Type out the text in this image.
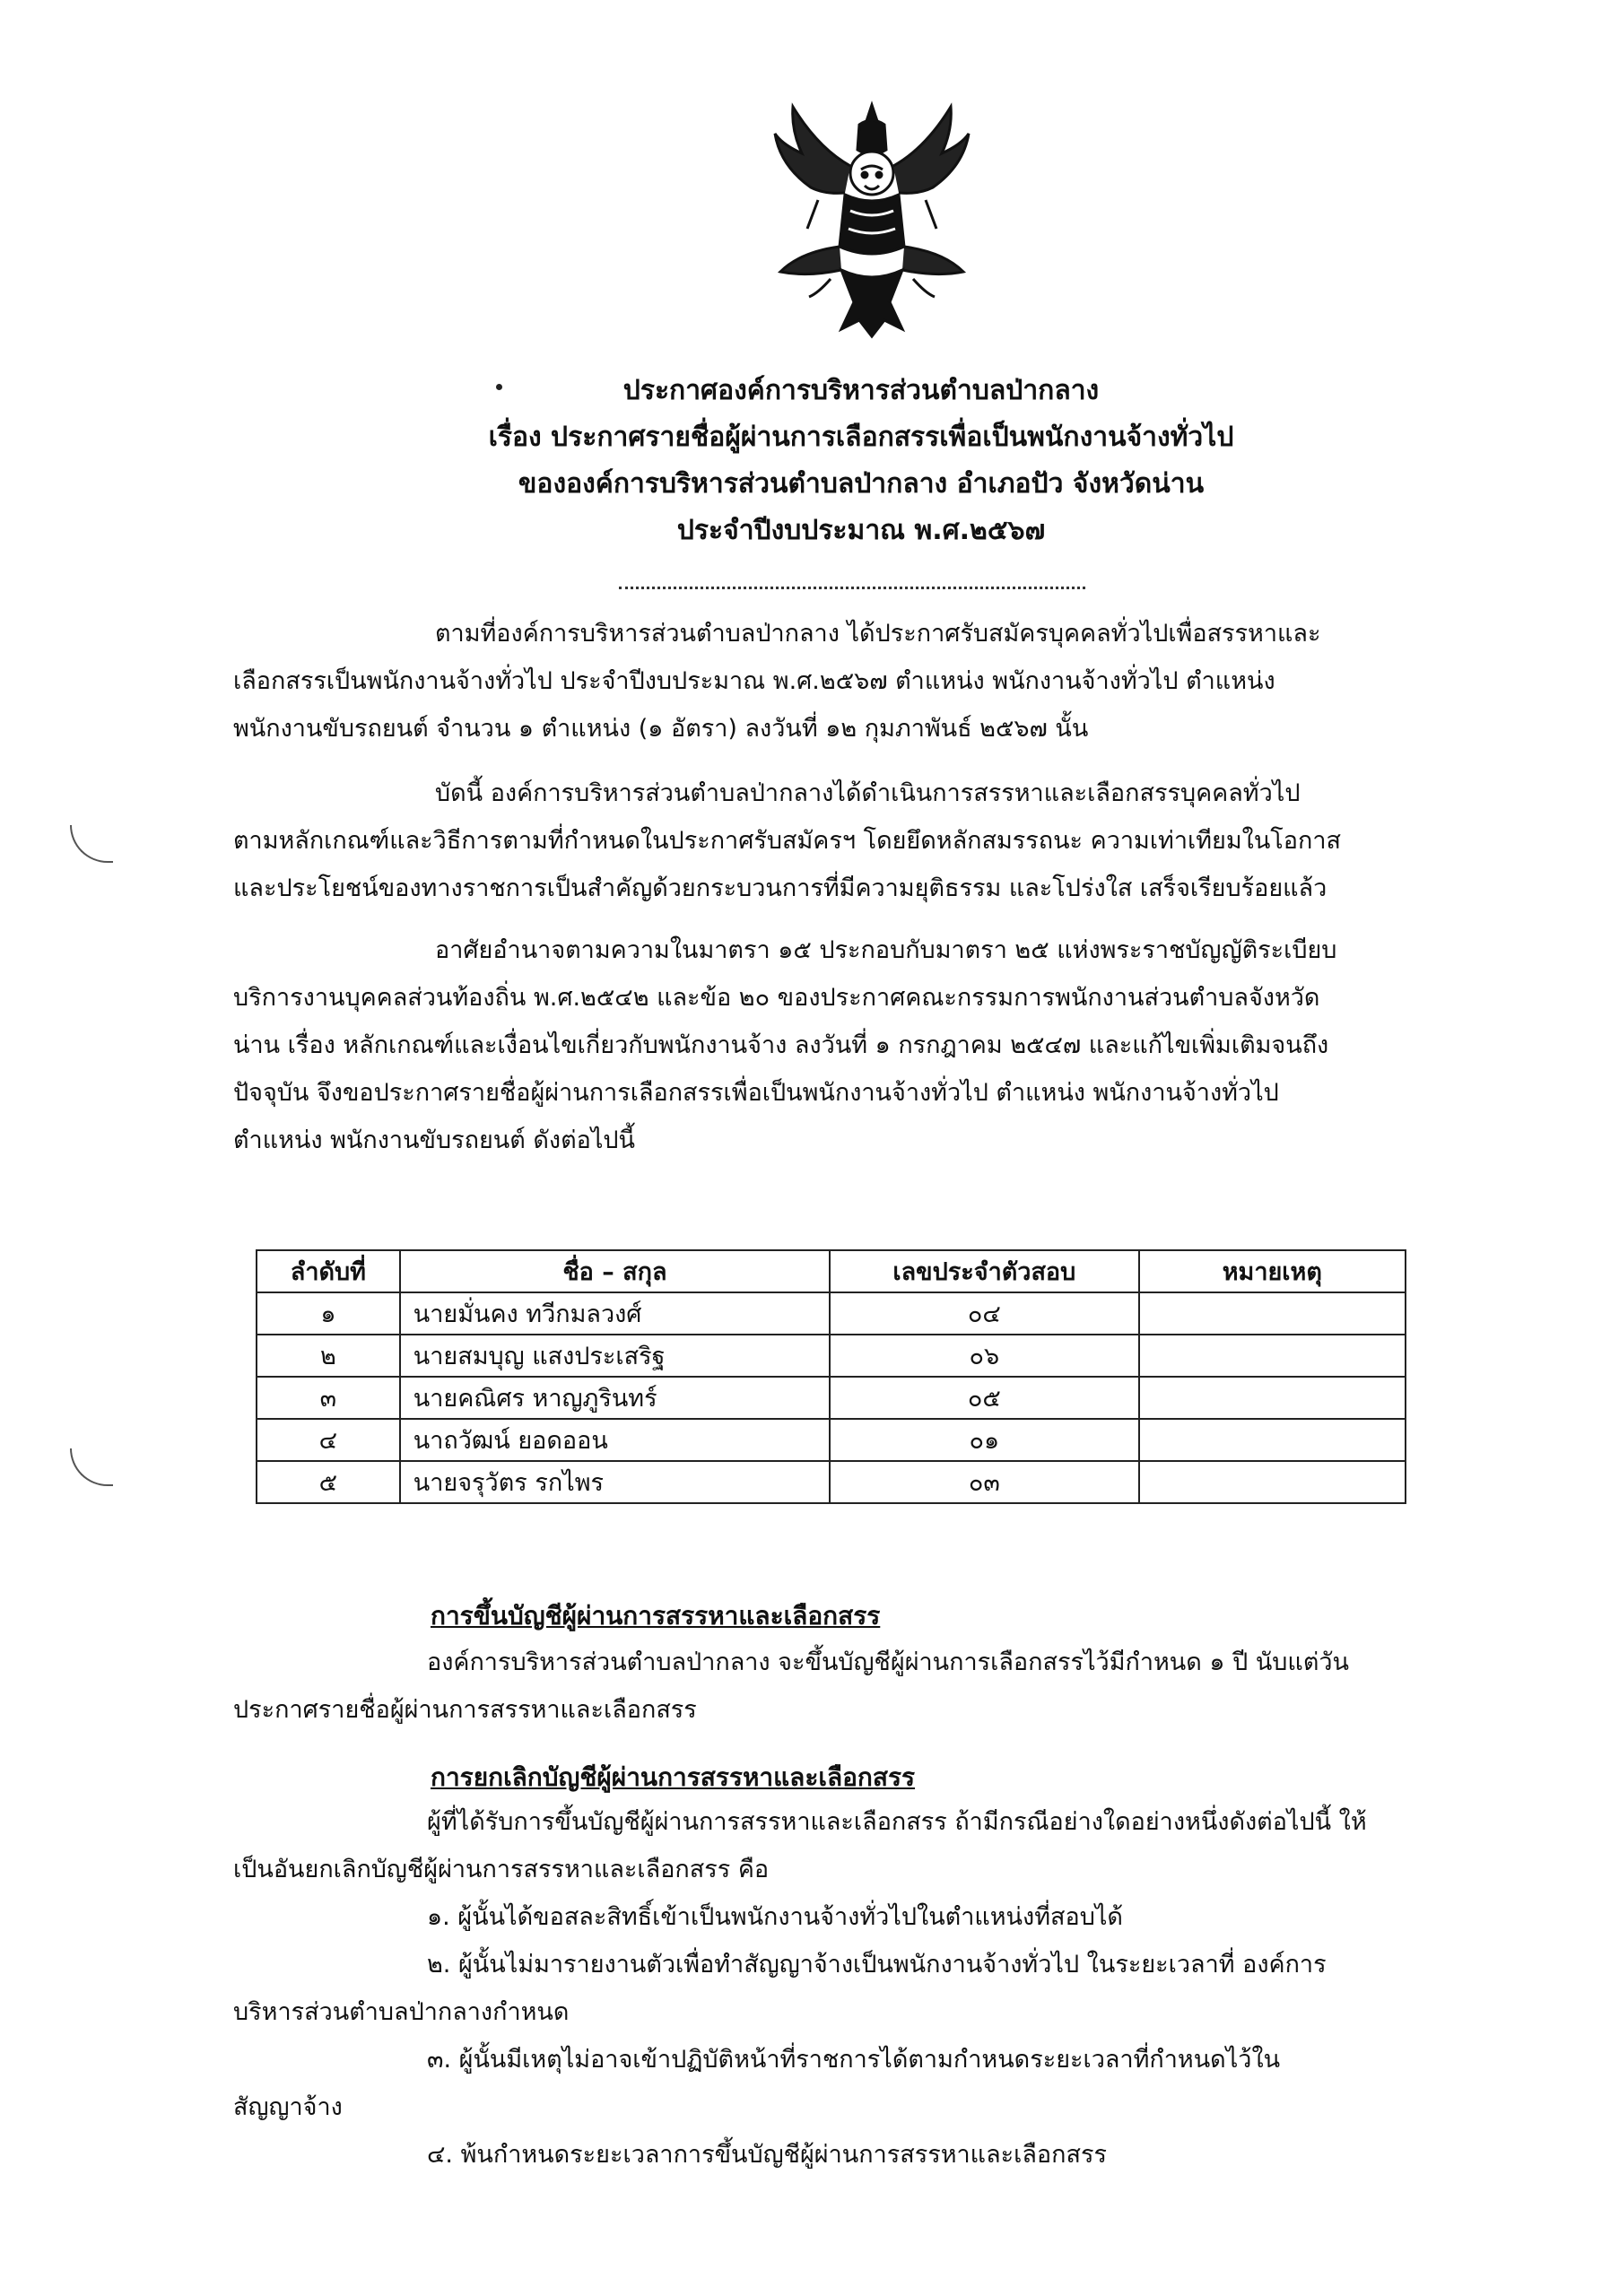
ประกาศองค์การบริหารส่วนตำบลป่ากลาง
เรื่อง ประกาศรายชื่อผู้ผ่านการเลือกสรรเพื่อเป็นพนักงานจ้างทั่วไป
ขององค์การบริหารส่วนตำบลป่ากลาง อำเภอปัว จังหวัดน่าน
ประจำปีงบประมาณ พ.ศ.๒๕๖๗
ตามที่องค์การบริหารส่วนตำบลป่ากลาง ได้ประกาศรับสมัครบุคคลทั่วไปเพื่อสรรหาและ
เลือกสรรเป็นพนักงานจ้างทั่วไป ประจำปีงบประมาณ พ.ศ.๒๕๖๗ ตำแหน่ง พนักงานจ้างทั่วไป ตำแหน่ง
พนักงานขับรถยนต์ จำนวน ๑ ตำแหน่ง (๑ อัตรา) ลงวันที่ ๑๒ กุมภาพันธ์ ๒๕๖๗ นั้น
บัดนี้ องค์การบริหารส่วนตำบลป่ากลางได้ดำเนินการสรรหาและเลือกสรรบุคคลทั่วไป
ตามหลักเกณฑ์และวิธีการตามที่กำหนดในประกาศรับสมัครฯ โดยยึดหลักสมรรถนะ ความเท่าเทียมในโอกาส
และประโยชน์ของทางราชการเป็นสำคัญด้วยกระบวนการที่มีความยุติธรรม และโปร่งใส เสร็จเรียบร้อยแล้ว
อาศัยอำนาจตามความในมาตรา ๑๕ ประกอบกับมาตรา ๒๕ แห่งพระราชบัญญัติระเบียบ
บริการงานบุคคลส่วนท้องถิ่น พ.ศ.๒๕๔๒ และข้อ ๒๐ ของประกาศคณะกรรมการพนักงานส่วนตำบลจังหวัด
น่าน เรื่อง หลักเกณฑ์และเงื่อนไขเกี่ยวกับพนักงานจ้าง ลงวันที่ ๑ กรกฎาคม ๒๕๔๗ และแก้ไขเพิ่มเติมจนถึง
ปัจจุบัน จึงขอประกาศรายชื่อผู้ผ่านการเลือกสรรเพื่อเป็นพนักงานจ้างทั่วไป ตำแหน่ง พนักงานจ้างทั่วไป
ตำแหน่ง พนักงานขับรถยนต์ ดังต่อไปนี้
ลำดับที่	ชื่อ – สกุล	เลขประจำตัวสอบ	หมายเหตุ
๑	นายมั่นคง ทวีกมลวงศ์	๐๔	
๒	นายสมบุญ แสงประเสริฐ	๐๖	
๓	นายคณิศร หาญภูรินทร์	๐๕	
๔	นาถวัฒน์ ยอดออน	๐๑	
๕	นายจรุวัตร รกไพร	๐๓	
การขึ้นบัญชีผู้ผ่านการสรรหาและเลือกสรร
องค์การบริหารส่วนตำบลป่ากลาง จะขึ้นบัญชีผู้ผ่านการเลือกสรรไว้มีกำหนด ๑ ปี นับแต่วัน
ประกาศรายชื่อผู้ผ่านการสรรหาและเลือกสรร
การยกเลิกบัญชีผู้ผ่านการสรรหาและเลือกสรร
ผู้ที่ได้รับการขึ้นบัญชีผู้ผ่านการสรรหาและเลือกสรร ถ้ามีกรณีอย่างใดอย่างหนึ่งดังต่อไปนี้ ให้
เป็นอันยกเลิกบัญชีผู้ผ่านการสรรหาและเลือกสรร คือ
๑. ผู้นั้นได้ขอสละสิทธิ์เข้าเป็นพนักงานจ้างทั่วไปในตำแหน่งที่สอบได้
๒. ผู้นั้นไม่มารายงานตัวเพื่อทำสัญญาจ้างเป็นพนักงานจ้างทั่วไป ในระยะเวลาที่ องค์การ
บริหารส่วนตำบลป่ากลางกำหนด
๓. ผู้นั้นมีเหตุไม่อาจเข้าปฏิบัติหน้าที่ราชการได้ตามกำหนดระยะเวลาที่กำหนดไว้ใน
สัญญาจ้าง
๔. พ้นกำหนดระยะเวลาการขึ้นบัญชีผู้ผ่านการสรรหาและเลือกสรร
